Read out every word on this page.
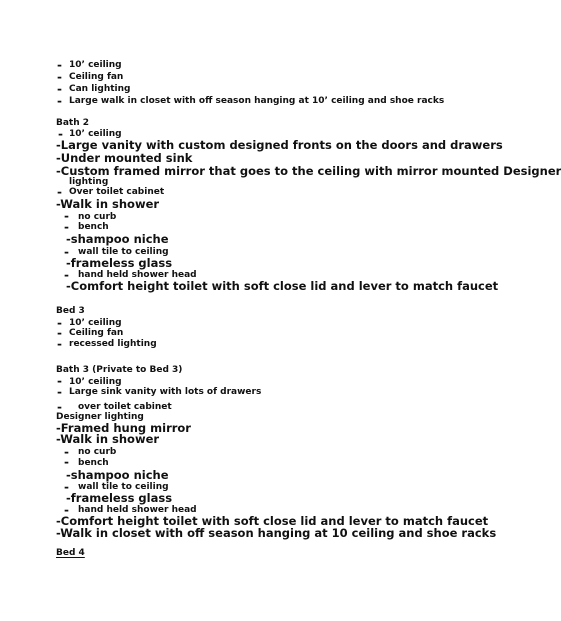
- 10’ ceiling
- Ceiling fan
- Can lighting
- Large walk in closet with off season hanging at 10’ ceiling and shoe racks
Bath 2
- 10’ ceiling
-Large vanity with custom designed fronts on the doors and drawers
-Under mounted sink
-Custom framed mirror that goes to the ceiling with mirror mounted Designer
lighting
- Over toilet cabinet
-Walk in shower
- no curb
- bench
-shampoo niche
- wall tile to ceiling
-frameless glass
- hand held shower head
-Comfort height toilet with soft close lid and lever to match faucet
Bed 3
- 10’ ceiling
- Ceiling fan
- recessed lighting
Bath 3 (Private to Bed 3)
- 10’ ceiling
- Large sink vanity with lots of drawers
- over toilet cabinet
Designer lighting
-Framed hung mirror
-Walk in shower
- no curb
- bench
-shampoo niche
- wall tile to ceiling
-frameless glass
- hand held shower head
-Comfort height toilet with soft close lid and lever to match faucet
-Walk in closet with off season hanging at 10 ceiling and shoe racks
Bed 4
